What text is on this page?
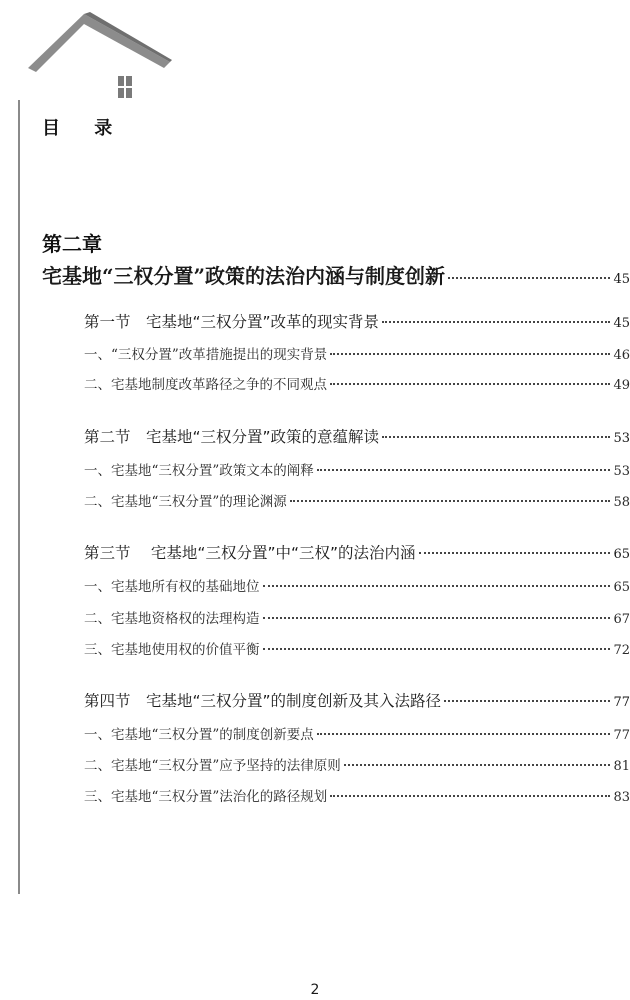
目 录
第二章
宅基地“三权分置”政策的法治内涵与制度创新	45
第一节　宅基地“三权分置”改革的现实背景	45
一、“三权分置”改革措施提出的现实背景	46
二、宅基地制度改革路径之争的不同观点	49
第二节　宅基地“三权分置”政策的意蕴解读	53
一、宅基地“三权分置”政策文本的阐释	53
二、宅基地“三权分置”的理论渊源	58
第三节　 宅基地“三权分置”中“三权”的法治内涵	65
一、宅基地所有权的基础地位	65
二、宅基地资格权的法理构造	67
三、宅基地使用权的价值平衡	72
第四节　宅基地“三权分置”的制度创新及其入法路径	77
一、宅基地“三权分置”的制度创新要点	77
二、宅基地“三权分置”应予坚持的法律原则	81
三、宅基地“三权分置”法治化的路径规划	83
2
